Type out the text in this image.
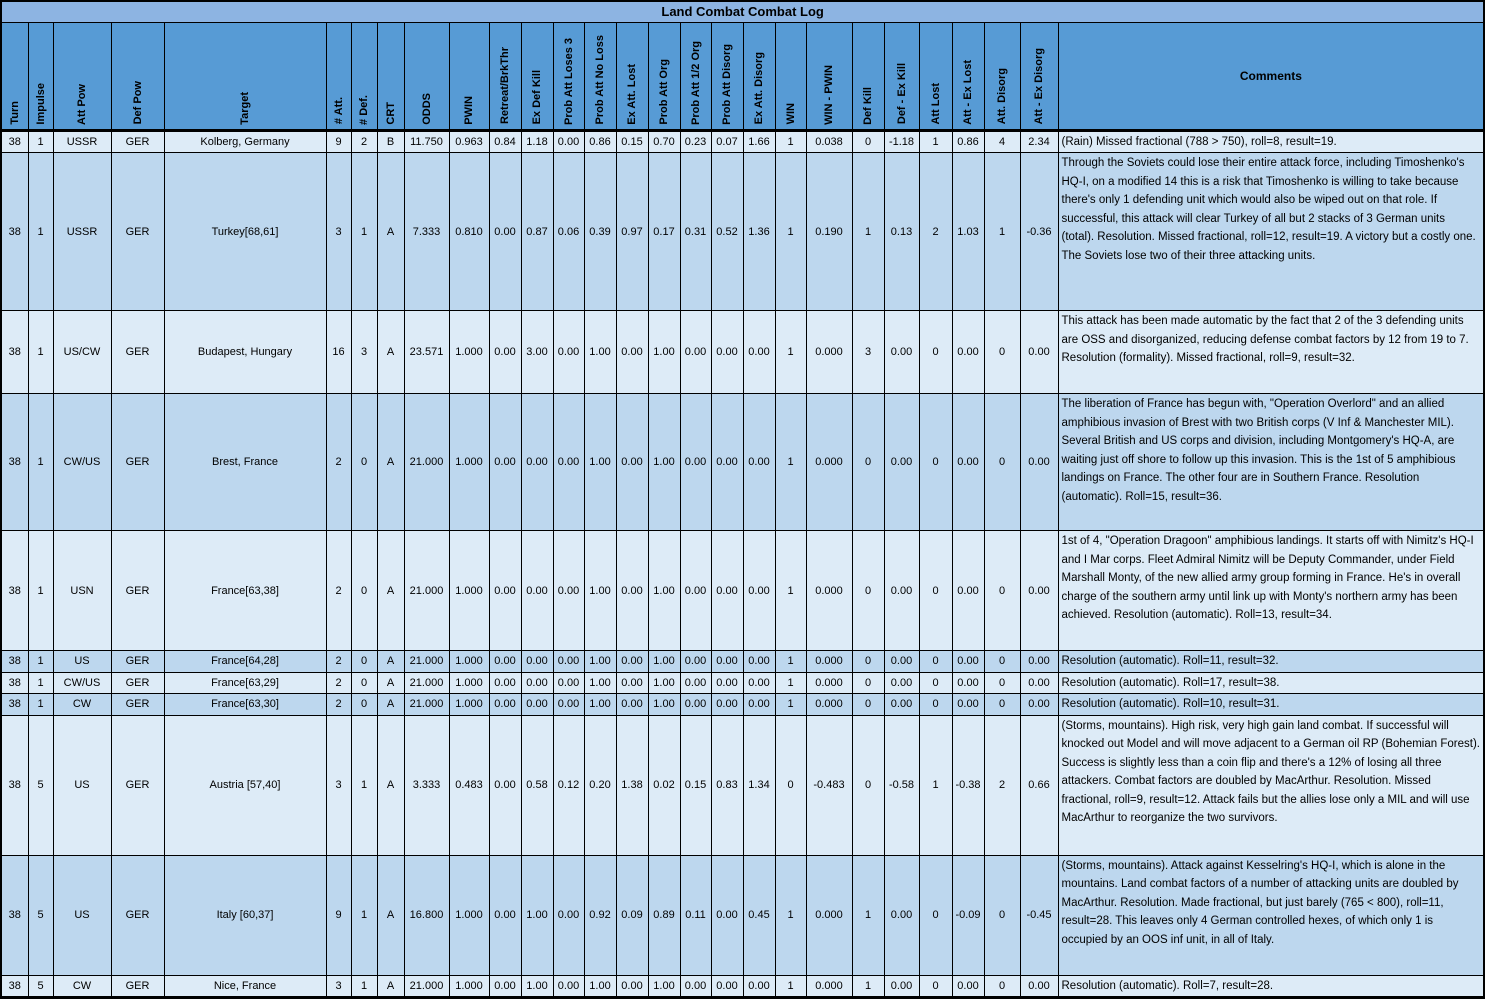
Land Combat Combat Log																											

Turn	Impulse	Att Pow	Def Pow	Target	# Att.	# Def.	CRT	ODDS	PWIN	Retreat/BrkThr	Ex Def Kill	Prob Att Loses 3	Prob Att No Loss	Ex Att. Lost	Prob Att Org	Prob Att 1/2 Org	Prob Att Disorg	Ex Att. Disorg	WIN	WIN - PWIN	Def Kill	Def - Ex Kill	Att Lost	Att - Ex Lost	Att. Disorg	Att - Ex Disorg	Comments
38	1	USSR	GER	Kolberg, Germany	9	2	B	11.750	0.963	0.84	1.18	0.00	0.86	0.15	0.70	0.23	0.07	1.66	1	0.038	0	-1.18	1	0.86	4	2.34	(Rain) Missed fractional (788 > 750), roll=8, result=19.
38	1	USSR	GER	Turkey[68,61]	3	1	A	7.333	0.810	0.00	0.87	0.06	0.39	0.97	0.17	0.31	0.52	1.36	1	0.190	1	0.13	2	1.03	1	-0.36	Through the Soviets could lose their entire attack force, including Timoshenko's HQ-I, on a modified 14 this is a risk that Timoshenko is willing to take because there's only 1 defending unit which would also be wiped out on that role. If successful, this attack will clear Turkey of all but 2 stacks of 3 German units (total). Resolution. Missed fractional, roll=12, result=19. A victory but a costly one. The Soviets lose two of their three attacking units.
38	1	US/CW	GER	Budapest, Hungary	16	3	A	23.571	1.000	0.00	3.00	0.00	1.00	0.00	1.00	0.00	0.00	0.00	1	0.000	3	0.00	0	0.00	0	0.00	This attack has been made automatic by the fact that 2 of the 3 defending units are OSS and disorganized, reducing defense combat factors by 12 from 19 to 7. Resolution (formality). Missed fractional, roll=9, result=32.
38	1	CW/US	GER	Brest, France	2	0	A	21.000	1.000	0.00	0.00	0.00	1.00	0.00	1.00	0.00	0.00	0.00	1	0.000	0	0.00	0	0.00	0	0.00	The liberation of France has begun with, "Operation Overlord" and an allied amphibious invasion of Brest with two British corps (V Inf & Manchester MIL). Several British and US corps and division, including Montgomery's HQ-A, are waiting just off shore to follow up this invasion. This is the 1st of 5 amphibious landings on France. The other four are in Southern France. Resolution (automatic). Roll=15, result=36.
38	1	USN	GER	France[63,38]	2	0	A	21.000	1.000	0.00	0.00	0.00	1.00	0.00	1.00	0.00	0.00	0.00	1	0.000	0	0.00	0	0.00	0	0.00	1st of 4, "Operation Dragoon" amphibious landings. It starts off with Nimitz's HQ-I and I Mar corps. Fleet Admiral Nimitz will be Deputy Commander, under Field Marshall Monty, of the new allied army group forming in France. He's in overall charge of the southern army until link up with Monty's northern army has been achieved. Resolution (automatic). Roll=13, result=34.
38	1	US	GER	France[64,28]	2	0	A	21.000	1.000	0.00	0.00	0.00	1.00	0.00	1.00	0.00	0.00	0.00	1	0.000	0	0.00	0	0.00	0	0.00	Resolution (automatic). Roll=11, result=32.
38	1	CW/US	GER	France[63,29]	2	0	A	21.000	1.000	0.00	0.00	0.00	1.00	0.00	1.00	0.00	0.00	0.00	1	0.000	0	0.00	0	0.00	0	0.00	Resolution (automatic). Roll=17, result=38.
38	1	CW	GER	France[63,30]	2	0	A	21.000	1.000	0.00	0.00	0.00	1.00	0.00	1.00	0.00	0.00	0.00	1	0.000	0	0.00	0	0.00	0	0.00	Resolution (automatic). Roll=10, result=31.
38	5	US	GER	Austria [57,40]	3	1	A	3.333	0.483	0.00	0.58	0.12	0.20	1.38	0.02	0.15	0.83	1.34	0	-0.483	0	-0.58	1	-0.38	2	0.66	(Storms, mountains). High risk, very high gain land combat. If successful will knocked out Model and will move adjacent to a German oil RP (Bohemian Forest). Success is slightly less than a coin flip and there's a 12% of losing all three attackers. Combat factors are doubled by MacArthur. Resolution. Missed fractional, roll=9, result=12. Attack fails but the allies lose only a MIL and will use MacArthur to reorganize the two survivors.
38	5	US	GER	Italy [60,37]	9	1	A	16.800	1.000	0.00	1.00	0.00	0.92	0.09	0.89	0.11	0.00	0.45	1	0.000	1	0.00	0	-0.09	0	-0.45	(Storms, mountains). Attack against Kesselring's HQ-I, which is alone in the mountains. Land combat factors of a number of attacking units are doubled by MacArthur. Resolution. Made fractional, but just barely (765 < 800), roll=11, result=28. This leaves only 4 German controlled hexes, of which only 1 is occupied by an OOS inf unit, in all of Italy.
38	5	CW	GER	Nice, France	3	1	A	21.000	1.000	0.00	1.00	0.00	1.00	0.00	1.00	0.00	0.00	0.00	1	0.000	1	0.00	0	0.00	0	0.00	Resolution (automatic). Roll=7, result=28.
